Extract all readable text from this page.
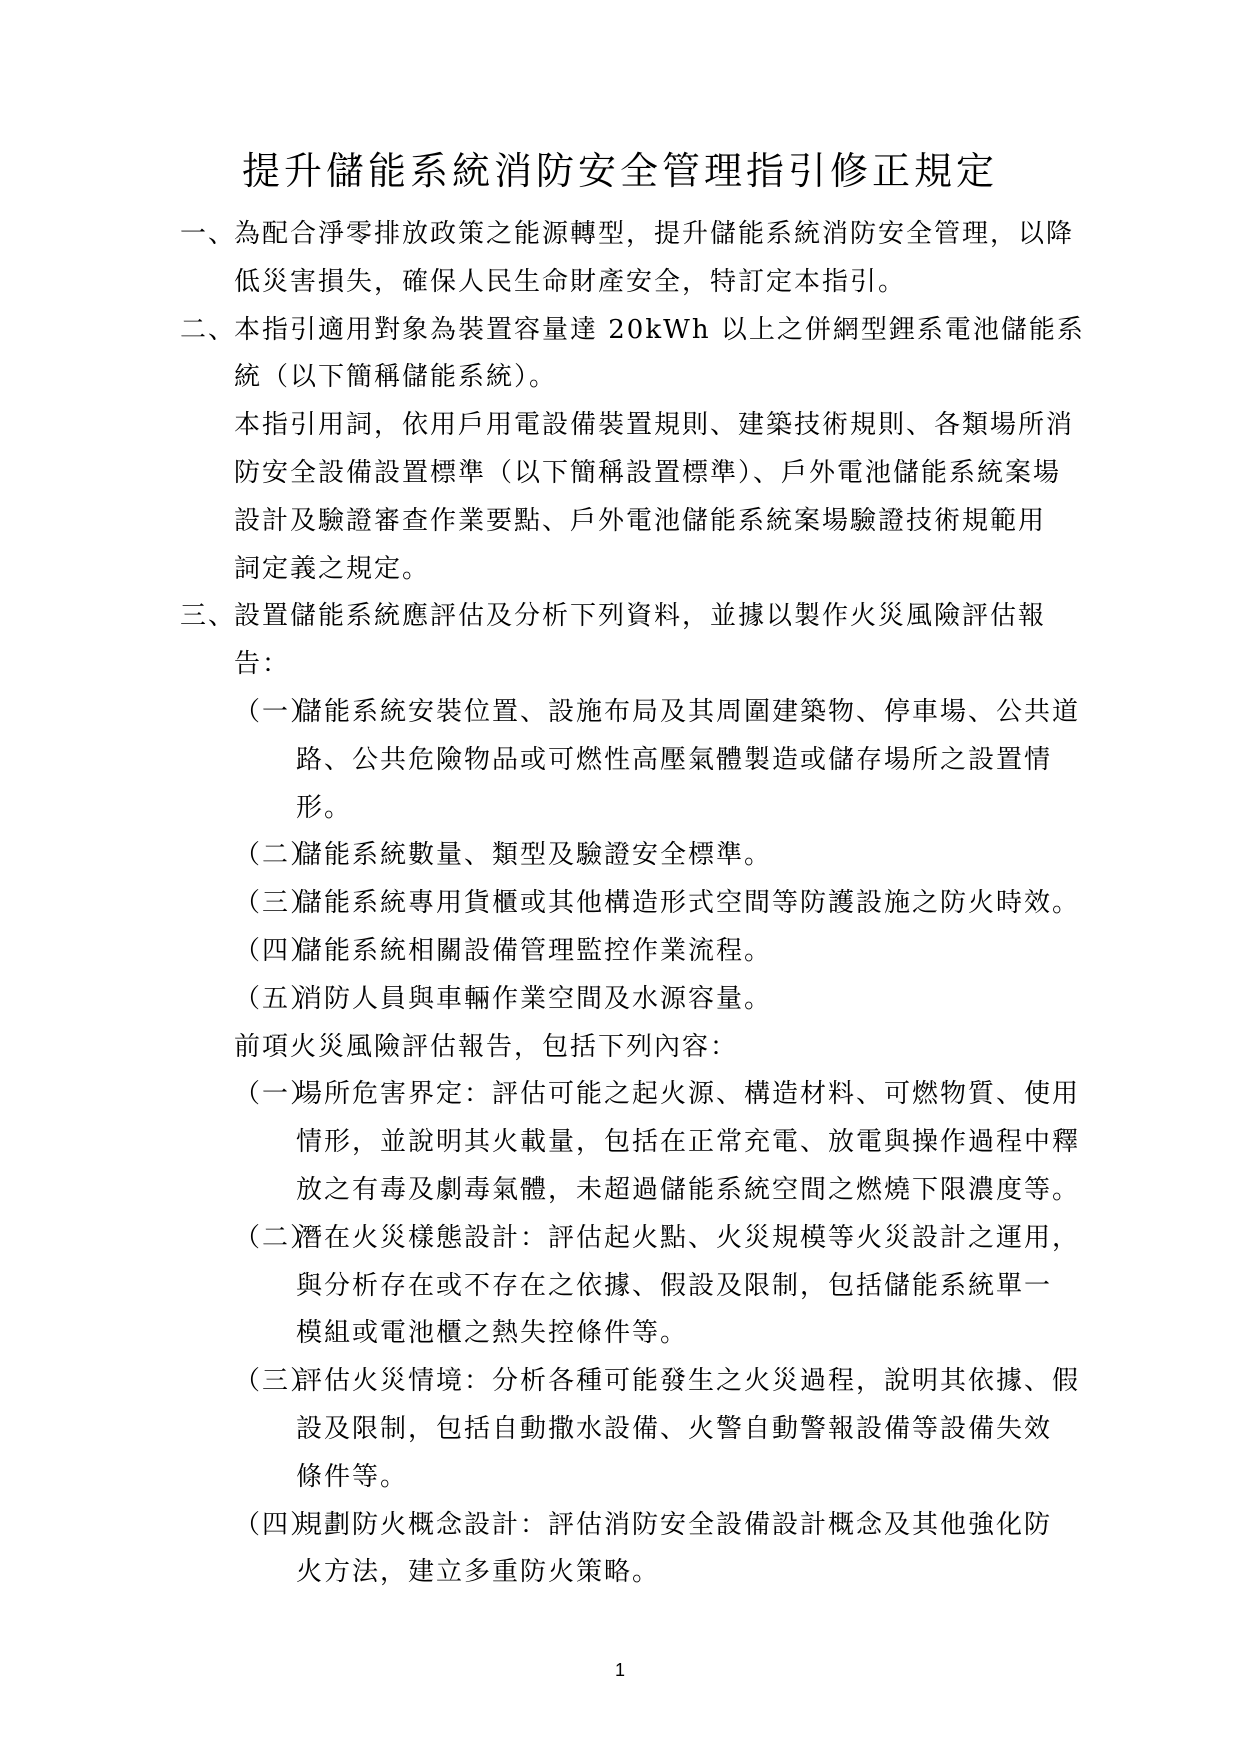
提升儲能系統消防安全管理指引修正規定
1
一、
為配合淨零排放政策之能源轉型，提升儲能系統消防安全管理，以降
低災害損失，確保人民生命財產安全，特訂定本指引。
二、
本指引適用對象為裝置容量達 20kWh 以上之併網型鋰系電池儲能系
統（以下簡稱儲能系統）。
本指引用詞，依用戶用電設備裝置規則、建築技術規則、各類場所消
防安全設備設置標準（以下簡稱設置標準）、戶外電池儲能系統案場
設計及驗證審查作業要點、戶外電池儲能系統案場驗證技術規範用
詞定義之規定。
三、
設置儲能系統應評估及分析下列資料，並據以製作火災風險評估報
告：
（一）
儲能系統安裝位置、設施布局及其周圍建築物、停車場、公共道
路、公共危險物品或可燃性高壓氣體製造或儲存場所之設置情
形。
（二）
儲能系統數量、類型及驗證安全標準。
（三）
儲能系統專用貨櫃或其他構造形式空間等防護設施之防火時效。
（四）
儲能系統相關設備管理監控作業流程。
（五）
消防人員與車輛作業空間及水源容量。
前項火災風險評估報告，包括下列內容：
（一）
場所危害界定：評估可能之起火源、構造材料、可燃物質、使用
情形，並說明其火載量，包括在正常充電、放電與操作過程中釋
放之有毒及劇毒氣體，未超過儲能系統空間之燃燒下限濃度等。
（二）
潛在火災樣態設計：評估起火點、火災規模等火災設計之運用，
與分析存在或不存在之依據、假設及限制，包括儲能系統單一
模組或電池櫃之熱失控條件等。
（三）
評估火災情境：分析各種可能發生之火災過程，說明其依據、假
設及限制，包括自動撒水設備、火警自動警報設備等設備失效
條件等。
（四）
規劃防火概念設計：評估消防安全設備設計概念及其他強化防
火方法，建立多重防火策略。
